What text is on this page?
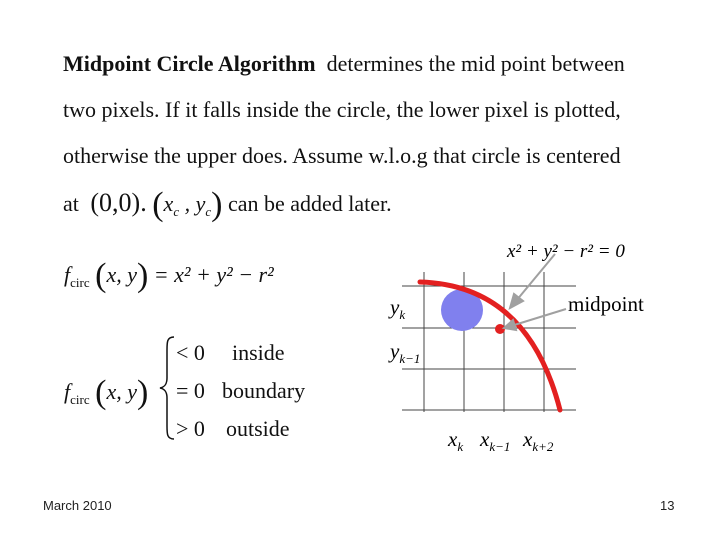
Midpoint Circle Algorithm determines the mid point between
two pixels. If it falls inside the circle, the lower pixel is plotted,
otherwise the upper does. Assume w.l.o.g that circle is centered
at (0,0). ($x_c$ , $y_c$) can be added later.
$f_{circ}$ (x, y) = x² + y² − r²
$f_{circ}$ (x, y)
< 0 inside
= 0 boundary
> 0 outside
x² + y² − r² = 0
midpoint
$y_k$
$y_{k-1}$
$x_k$ $x_{k-1}$ $x_{k+2}$
March 2010	13
